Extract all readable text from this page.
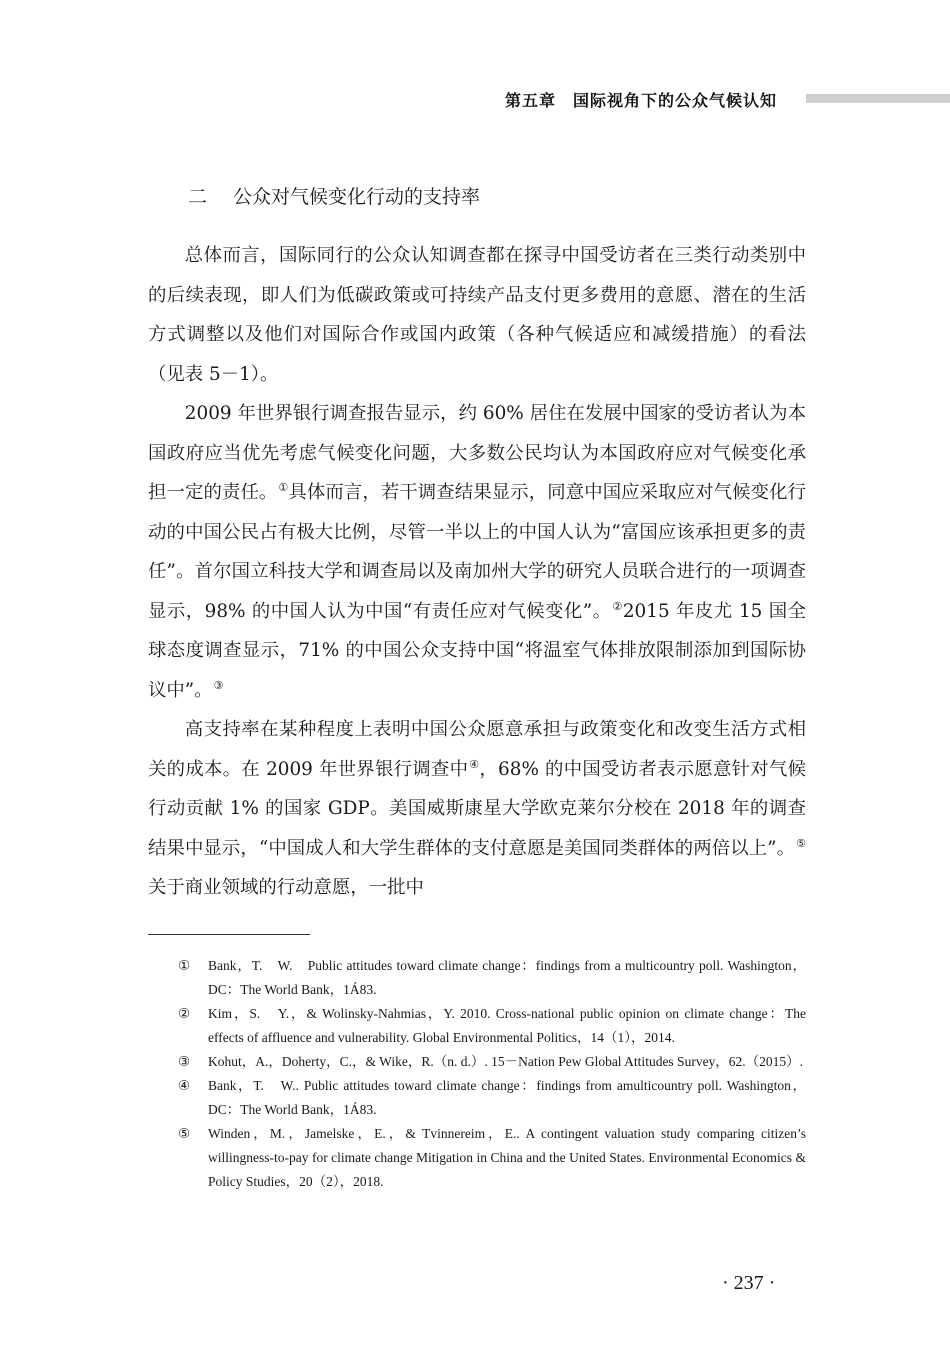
第五章　国际视角下的公众气候认知
二 公众对气候变化行动的支持率

总体而言，国际同行的公众认知调查都在探寻中国受访者在三类行动类别中的后续表现，即人们为低碳政策或可持续产品支付更多费用的意愿、潜在的生活方式调整以及他们对国际合作或国内政策（各种气候适应和减缓措施）的看法（见表 5－1）。

2009 年世界银行调查报告显示，约 60% 居住在发展中国家的受访者认为本国政府应当优先考虑气候变化问题，大多数公民均认为本国政府应对气候变化承担一定的责任。①具体而言，若干调查结果显示，同意中国应采取应对气候变化行动的中国公民占有极大比例，尽管一半以上的中国人认为“富国应该承担更多的责任”。首尔国立科技大学和调查局以及南加州大学的研究人员联合进行的一项调查显示，98% 的中国人认为中国“有责任应对气候变化”。②2015 年皮尤 15 国全球态度调查显示，71% 的中国公众支持中国“将温室气体排放限制添加到国际协议中”。③

高支持率在某种程度上表明中国公众愿意承担与政策变化和改变生活方式相关的成本。在 2009 年世界银行调查中④，68% 的中国受访者表示愿意针对气候行动贡献 1% 的国家 GDP。美国威斯康星大学欧克莱尔分校在 2018 年的调查结果中显示，“中国成人和大学生群体的支付意愿是美国同类群体的两倍以上”。⑤关于商业领域的行动意愿，一批中

① Bank，T.　W.　Public attitudes toward climate change：findings from a multicountry poll. Washington，DC：The World Bank，1Á83.
② Kim，S.　Y.，& Wolinsky-Nahmias，Y. 2010. Cross-national public opinion on climate change：The effects of affluence and vulnerability. Global Environmental Politics，14（1），2014.
③ Kohut，A.，Doherty，C.，& Wike，R.（n. d.）. 15－Nation Pew Global Attitudes Survey，62.（2015）.
④ Bank，T.　W.. Public attitudes toward climate change：findings from amulticountry poll. Washington，DC：The World Bank，1Á83.
⑤ Winden，M.，Jamelske，E.，& Tvinnereim，E.. A contingent valuation study comparing citizen’s willingness-to-pay for climate change Mitigation in China and the United States. Environmental Economics & Policy Studies，20（2），2018.
· 237 ·
